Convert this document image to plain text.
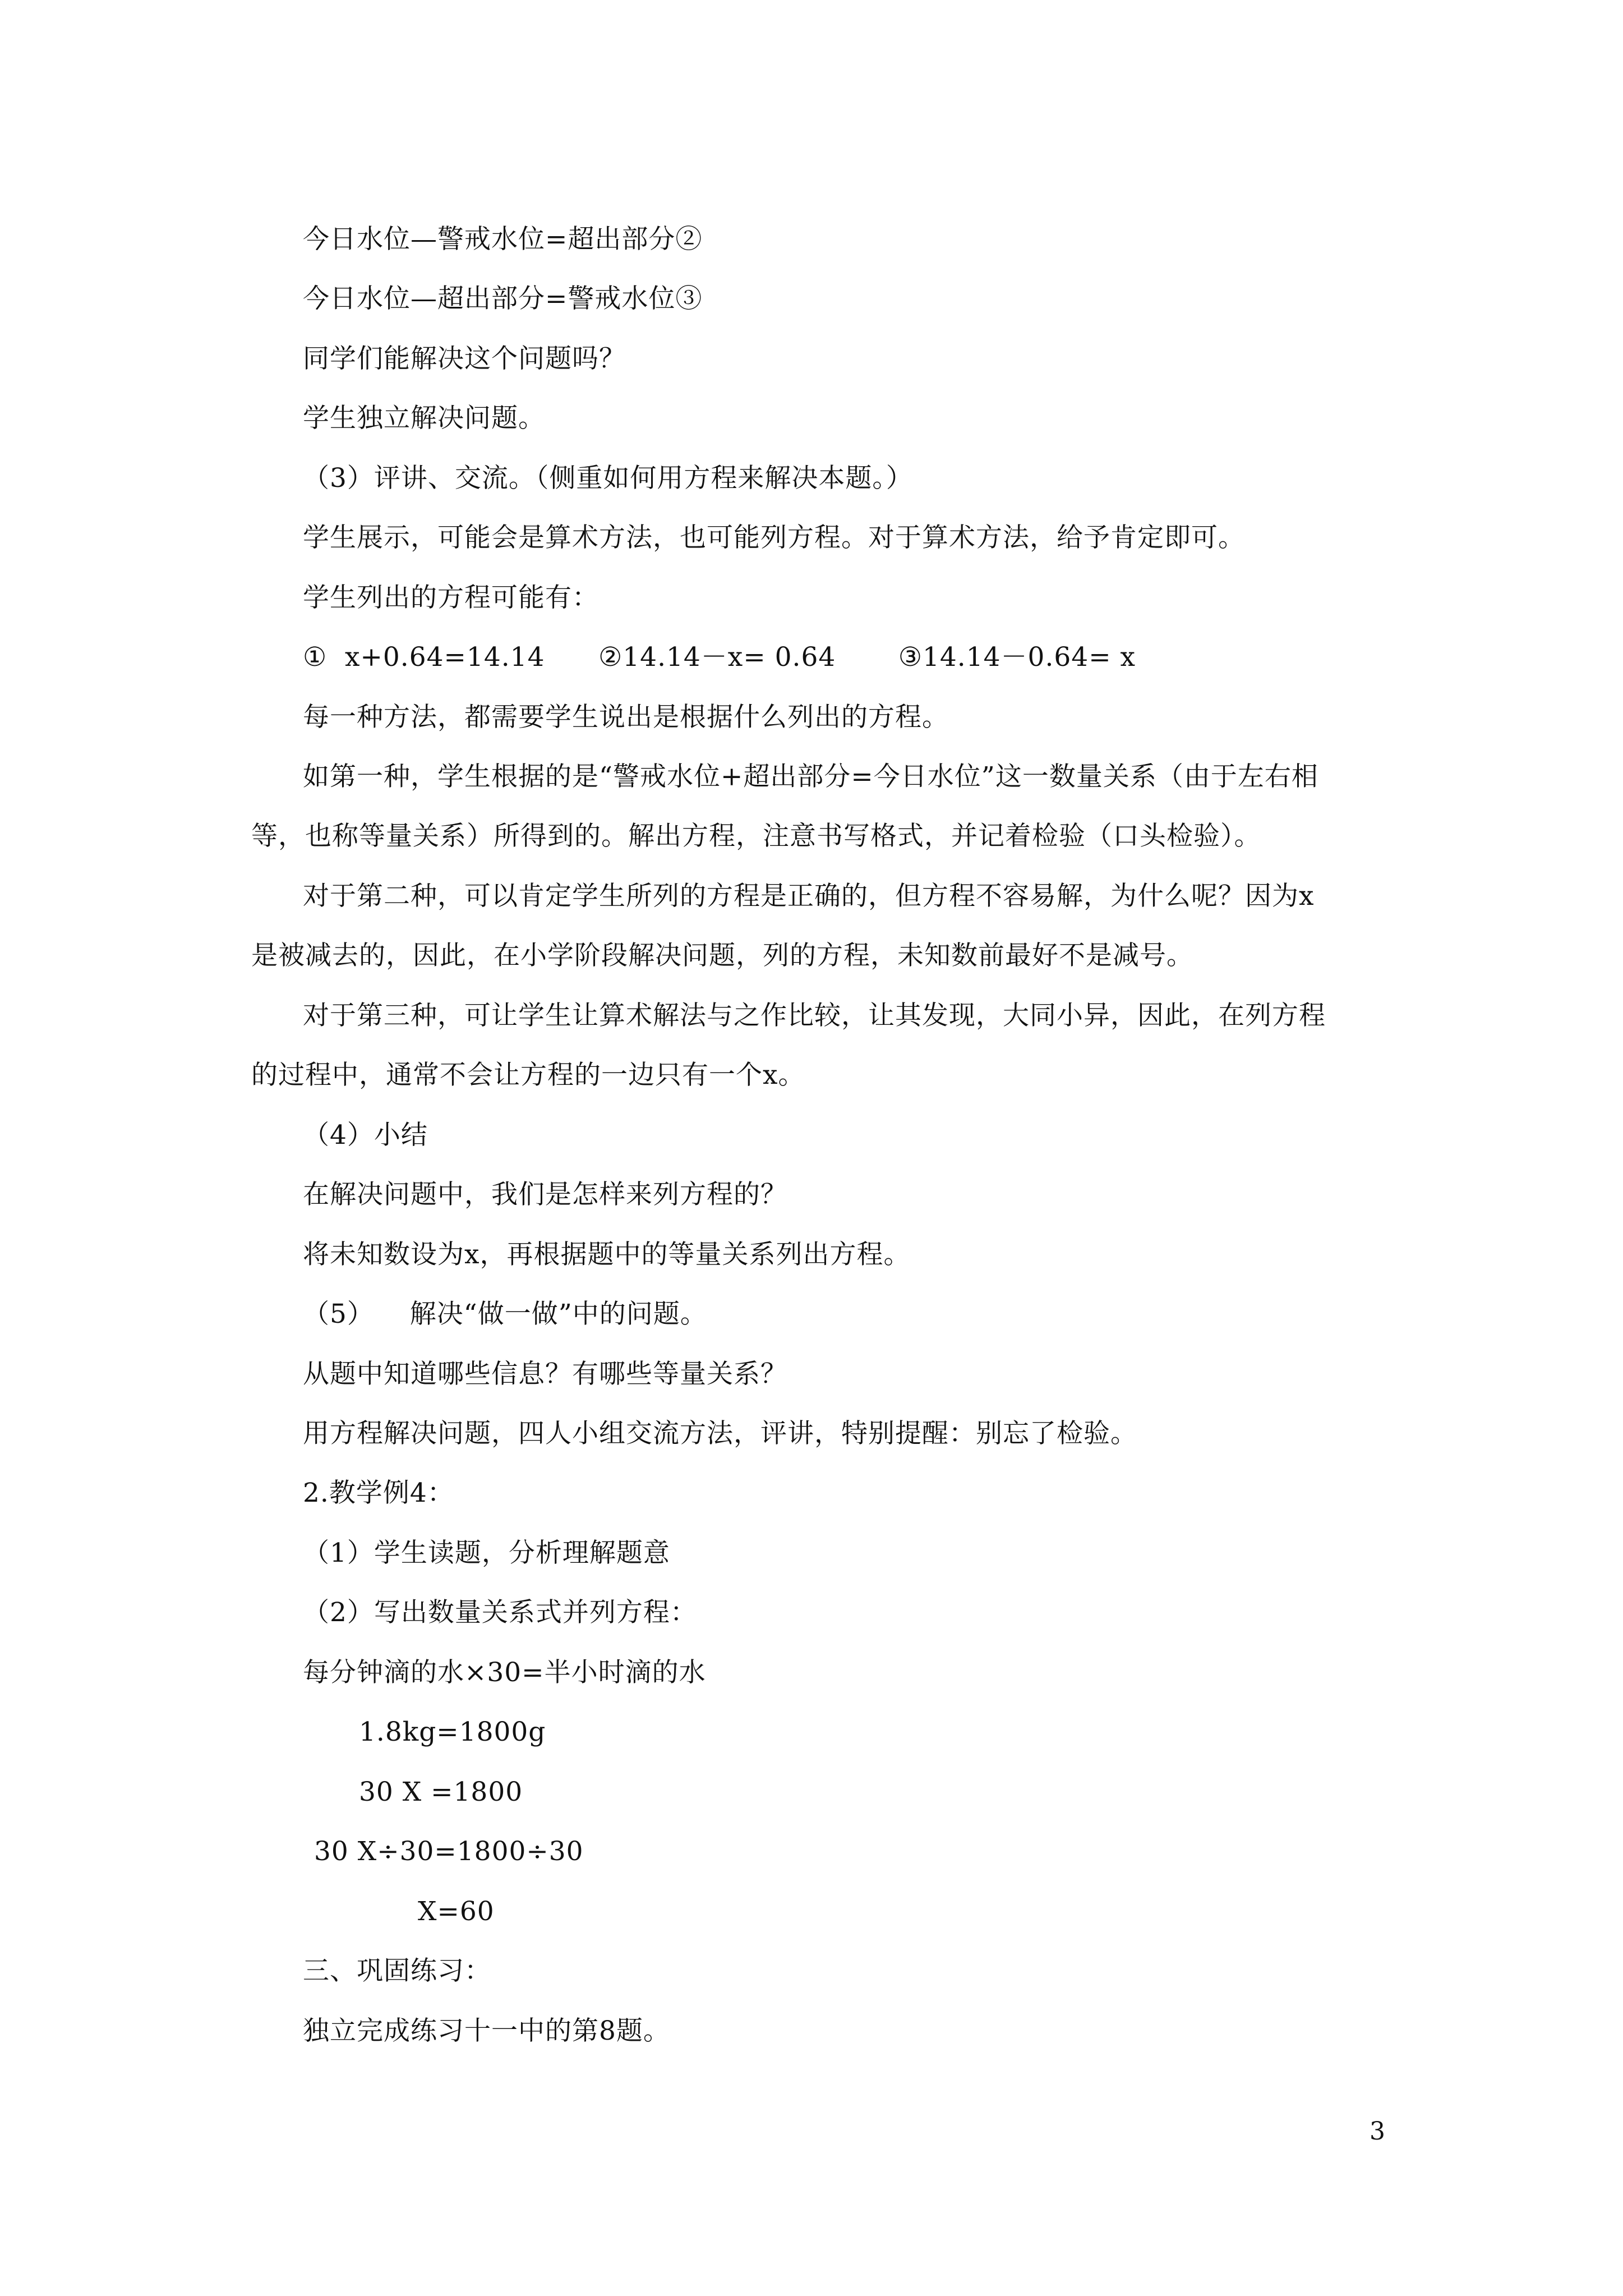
今日水位—警戒水位=超出部分②
今日水位—超出部分=警戒水位③
同学们能解决这个问题吗？
学生独立解决问题。
（3）评讲、交流。（侧重如何用方程来解决本题。）
学生展示，可能会是算术方法，也可能列方程。对于算术方法，给予肯定即可。
学生列出的方程可能有：
①  x+0.64=14.14      ②14.14－x= 0.64       ③14.14－0.64= x
每一种方法，都需要学生说出是根据什么列出的方程。
如第一种，学生根据的是“警戒水位+超出部分=今日水位”这一数量关系（由于左右相
等，也称等量关系）所得到的。解出方程，注意书写格式，并记着检验（口头检验）。
对于第二种，可以肯定学生所列的方程是正确的，但方程不容易解，为什么呢？因为x
是被减去的，因此，在小学阶段解决问题，列的方程，未知数前最好不是减号。
对于第三种，可让学生让算术解法与之作比较，让其发现，大同小异，因此，在列方程
的过程中，通常不会让方程的一边只有一个x。
（4）小结
在解决问题中，我们是怎样来列方程的？
将未知数设为x，再根据题中的等量关系列出方程。
（5）    解决“做一做”中的问题。
从题中知道哪些信息？有哪些等量关系？
用方程解决问题，四人小组交流方法，评讲，特别提醒：别忘了检验。
2.教学例4：
（1）学生读题，分析理解题意
（2）写出数量关系式并列方程：
每分钟滴的水×30=半小时滴的水
1.8kg=1800g
30 X =1800
30 X÷30=1800÷30
X=60
三、巩固练习：
独立完成练习十一中的第8题。
3
